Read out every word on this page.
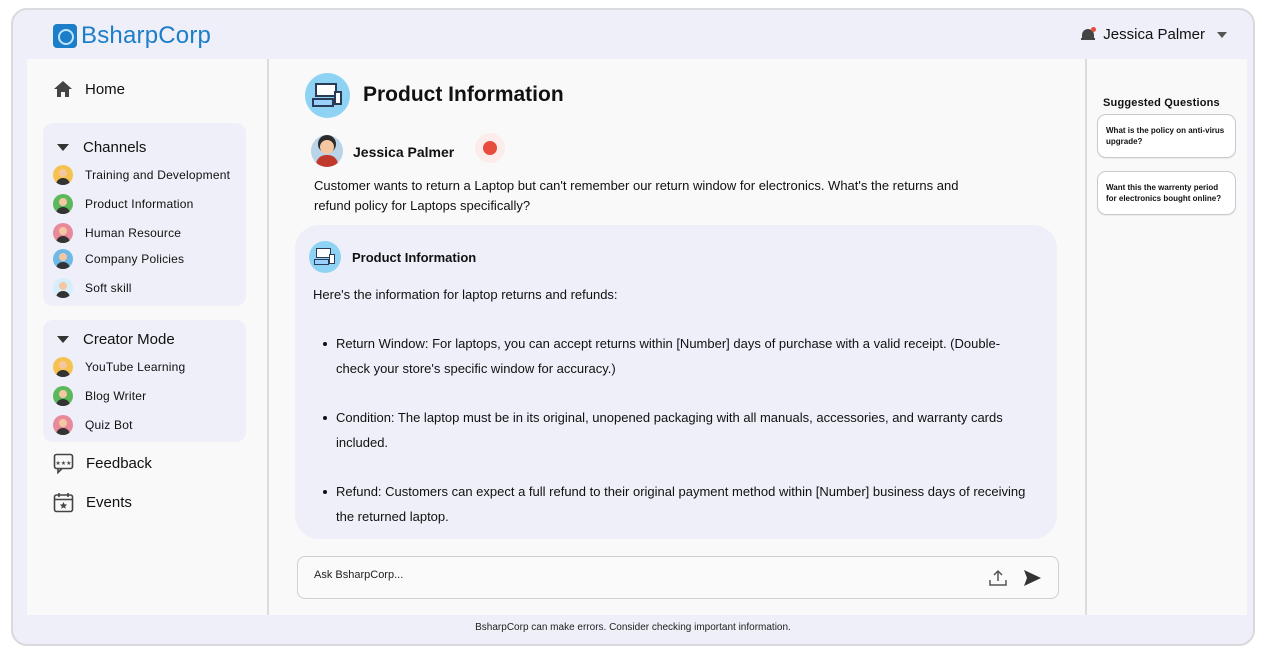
BsharpCorp	Jessica Palmer
Home
Channels
Training and Development
Product Information
Human Resource
Company Policies
Soft skill
Creator Mode
YouTube Learning
Blog Writer
Quiz Bot
★★★ Feedback
Events
Product Information
Jessica Palmer
Customer wants to return a Laptop but can't remember our return window for electronics. What's the returns and refund policy for Laptops specifically?
Product Information
Here's the information for laptop returns and refunds:
Return Window: For laptops, you can accept returns within [Number] days of purchase with a valid receipt. (Double-check your store's specific window for accuracy.)
Condition: The laptop must be in its original, unopened packaging with all manuals, accessories, and warranty cards included.
Refund: Customers can expect a full refund to their original payment method within [Number] business days of receiving the returned laptop.
Ask BsharpCorp...
Suggested Questions
What is the policy on anti-virus upgrade?
Want this the warrenty period for electronics bought online?
BsharpCorp can make errors. Consider checking important information.
